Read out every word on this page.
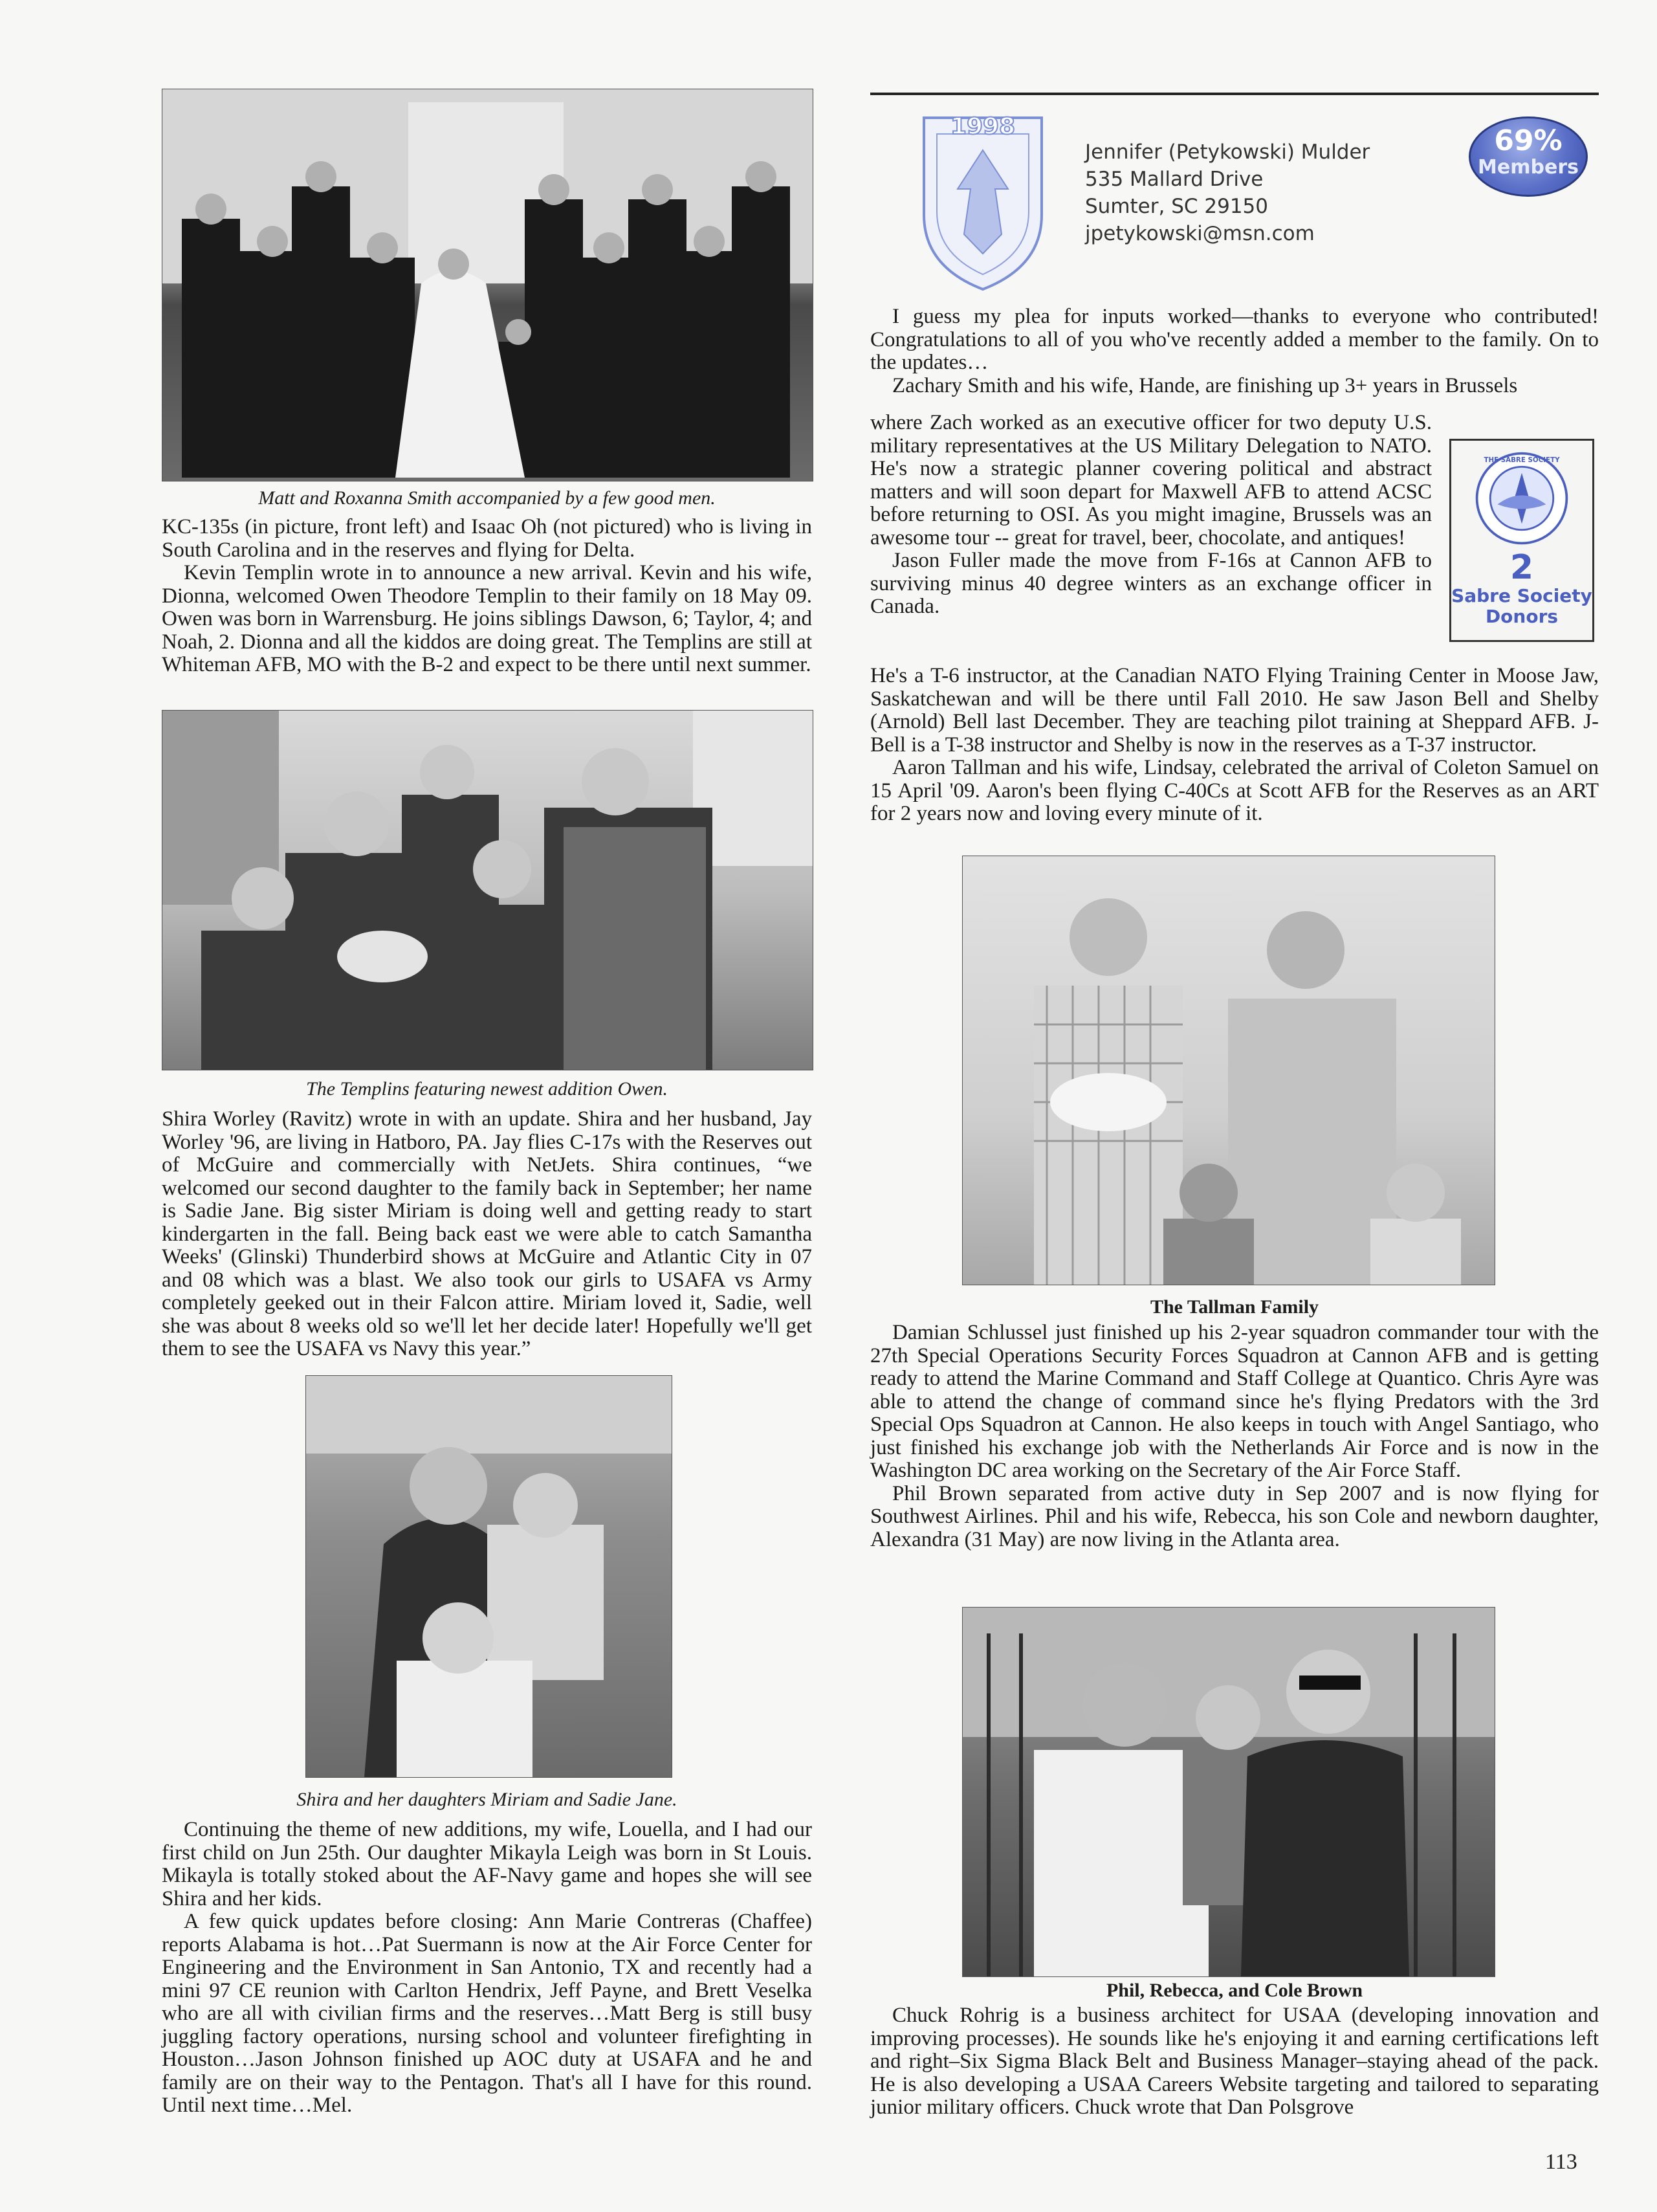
Matt and Roxanna Smith accompanied by a few good men.

KC-135s (in picture, front left) and Isaac Oh (not pictured) who is living in South Carolina and in the reserves and flying for Delta.

Kevin Templin wrote in to announce a new arrival. Kevin and his wife, Dionna, welcomed Owen Theodore Templin to their family on 18 May 09. Owen was born in Warrensburg. He joins siblings Dawson, 6; Taylor, 4; and Noah, 2. Dionna and all the kiddos are doing great. The Templins are still at Whiteman AFB, MO with the B-2 and expect to be there until next summer.

The Templins featuring newest addition Owen.

Shira Worley (Ravitz) wrote in with an update. Shira and her husband, Jay Worley '96, are living in Hatboro, PA. Jay flies C-17s with the Reserves out of McGuire and commercially with NetJets. Shira continues, “we welcomed our second daughter to the family back in September; her name is Sadie Jane. Big sister Miriam is doing well and getting ready to start kindergarten in the fall. Being back east we were able to catch Samantha Weeks' (Glinski) Thunderbird shows at McGuire and Atlantic City in 07 and 08 which was a blast. We also took our girls to USAFA vs Army completely geeked out in their Falcon attire. Miriam loved it, Sadie, well she was about 8 weeks old so we'll let her decide later! Hopefully we'll get them to see the USAFA vs Navy this year.”

Shira and her daughters Miriam and Sadie Jane.

Continuing the theme of new additions, my wife, Louella, and I had our first child on Jun 25th. Our daughter Mikayla Leigh was born in St Louis. Mikayla is totally stoked about the AF-Navy game and hopes she will see Shira and her kids.

A few quick updates before closing: Ann Marie Contreras (Chaffee) reports Alabama is hot…Pat Suermann is now at the Air Force Center for Engineering and the Environment in San Antonio, TX and recently had a mini 97 CE reunion with Carlton Hendrix, Jeff Payne, and Brett Veselka who are all with civilian firms and the reserves…Matt Berg is still busy juggling factory operations, nursing school and volunteer firefighting in Houston…Jason Johnson finished up AOC duty at USAFA and he and family are on their way to the Pentagon. That's all I have for this round. Until next time…Mel.

1998
Jennifer (Petykowski) Mulder
535 Mallard Drive
Sumter, SC 29150
jpetykowski@msn.com
69%
Members

I guess my plea for inputs worked—thanks to everyone who contributed! Congratulations to all of you who've recently added a member to the family. On to the updates…

Zachary Smith and his wife, Hande, are finishing up 3+ years in Brussels

where Zach worked as an executive officer for two deputy U.S. military representatives at the US Military Delegation to NATO. He's now a strategic planner covering political and abstract matters and will soon depart for Maxwell AFB to attend ACSC before returning to OSI. As you might imagine, Brussels was an awesome tour -- great for travel, beer, chocolate, and antiques!

Jason Fuller made the move from F-16s at Cannon AFB to surviving minus 40 degree winters as an exchange officer in Canada.

THE SABRE SOCIETY
2
Sabre Society
Donors

He's a T-6 instructor, at the Canadian NATO Flying Training Center in Moose Jaw, Saskatchewan and will be there until Fall 2010. He saw Jason Bell and Shelby (Arnold) Bell last December. They are teaching pilot training at Sheppard AFB. J-Bell is a T-38 instructor and Shelby is now in the reserves as a T-37 instructor.

Aaron Tallman and his wife, Lindsay, celebrated the arrival of Coleton Samuel on 15 April '09. Aaron's been flying C-40Cs at Scott AFB for the Reserves as an ART for 2 years now and loving every minute of it.

The Tallman Family

Damian Schlussel just finished up his 2-year squadron commander tour with the 27th Special Operations Security Forces Squadron at Cannon AFB and is getting ready to attend the Marine Command and Staff College at Quantico. Chris Ayre was able to attend the change of command since he's flying Predators with the 3rd Special Ops Squadron at Cannon. He also keeps in touch with Angel Santiago, who just finished his exchange job with the Netherlands Air Force and is now in the Washington DC area working on the Secretary of the Air Force Staff.

Phil Brown separated from active duty in Sep 2007 and is now flying for Southwest Airlines. Phil and his wife, Rebecca, his son Cole and newborn daughter, Alexandra (31 May) are now living in the Atlanta area.

Phil, Rebecca, and Cole Brown

Chuck Rohrig is a business architect for USAA (developing innovation and improving processes). He sounds like he's enjoying it and earning certifications left and right–Six Sigma Black Belt and Business Manager–staying ahead of the pack. He is also developing a USAA Careers Website targeting and tailored to separating junior military officers. Chuck wrote that Dan Polsgrove

113
